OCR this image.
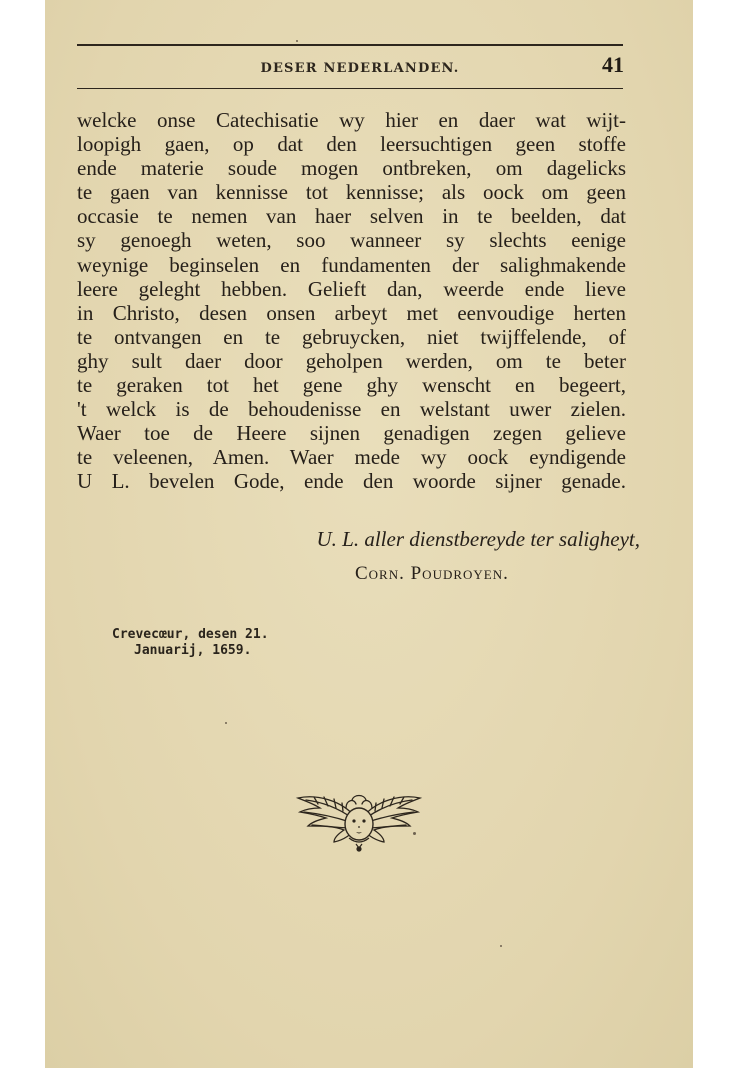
DESER NEDERLANDEN.	41
welcke onse Catechisatie wy hier en daer wat wijt-
loopigh gaen, op dat den leersuchtigen geen stoffe
ende materie soude mogen ontbreken, om dagelicks
te gaen van kennisse tot kennisse; als oock om geen
occasie te nemen van haer selven in te beelden, dat
sy genoegh weten, soo wanneer sy slechts eenige
weynige beginselen en fundamenten der salighmakende
leere geleght hebben. Gelieft dan, weerde ende lieve
in Christo, desen onsen arbeyt met eenvoudige herten
te ontvangen en te gebruycken, niet twijffelende, of
ghy sult daer door geholpen werden, om te beter
te geraken tot het gene ghy wenscht en begeert,
't welck is de behoudenisse en welstant uwer zielen.
Waer toe de Heere sijnen genadigen zegen gelieve
te veleenen, Amen. Waer mede wy oock eyndigende
U L. bevelen Gode, ende den woorde sijner genade.
U. L. aller dienstbereyde ter saligheyt,
Corn. Poudroyen.
Crevecœur, desen 21.
Januarij, 1659.
